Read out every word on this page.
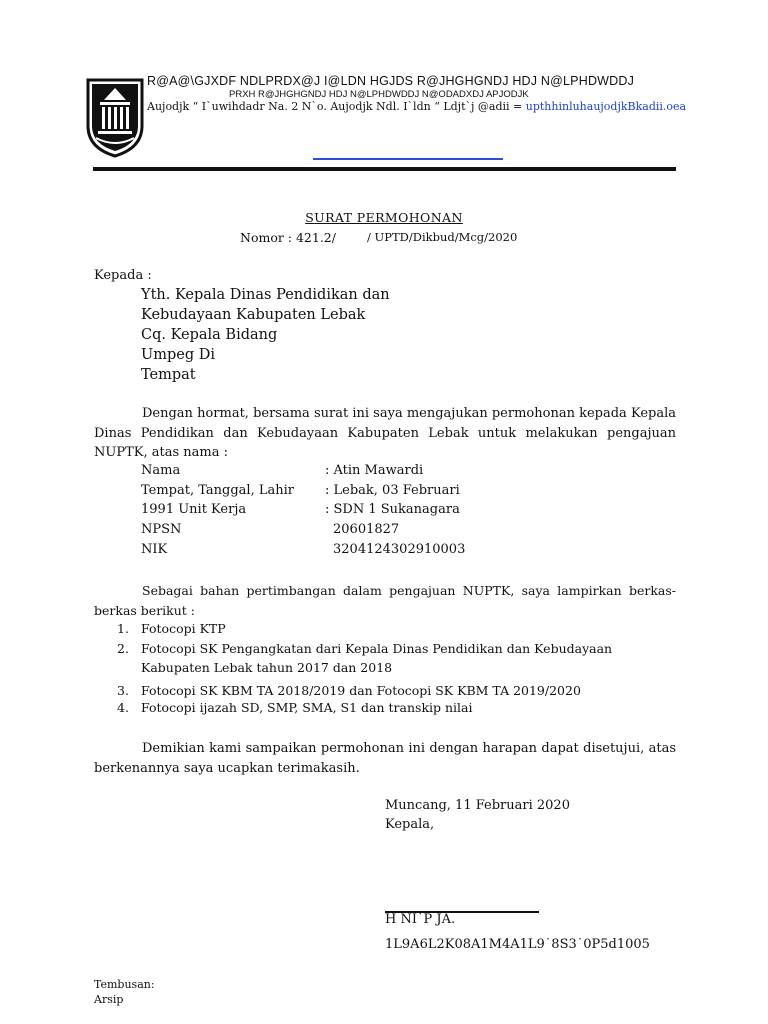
R@A@\GJXDF NDLPRDX@J I@LDN HGJDS R@JHGHGNDJ HDJ N@LPHDWDDJ
PRXH R@JHGHGNDJ HDJ N@LPHDWDDJ N@ODADXDJ APJODJK
Aujodjk “ I`uwihdadr Na. 2 N`o. Aujodjk Ndl. I`ldn “ Ldjt`j @adii = upthhinluhaujodjkBkadii.oea
SURAT PERMOHONAN
Nomor : 421.2/	/ UPTD/Dikbud/Mcg/2020
Kepada :
Yth. Kepala Dinas Pendidikan dan
Kebudayaan Kabupaten Lebak
Cq. Kepala Bidang
Umpeg Di
Tempat
Dengan hormat, bersama surat ini saya mengajukan permohonan kepada Kepala Dinas Pendidikan dan Kebudayaan Kabupaten Lebak untuk melakukan pengajuan NUPTK, atas nama :
Nama	: Atin Mawardi
Tempat, Tanggal, Lahir : Lebak, 03 Februari
1991 Unit Kerja	: SDN 1 Sukanagara
NPSN	20601827
NIK	3204124302910003
Sebagai bahan pertimbangan dalam pengajuan NUPTK, saya lampirkan berkas-berkas berikut :
1. Fotocopi KTP
2. Fotocopi SK Pengangkatan dari Kepala Dinas Pendidikan dan Kebudayaan
Kabupaten Lebak tahun 2017 dan 2018
3. Fotocopi SK KBM TA 2018/2019 dan Fotocopi SK KBM TA 2019/2020
4. Fotocopi ijazah SD, SMP, SMA, S1 dan transkip nilai
Demikian kami sampaikan permohonan ini dengan harapan dapat disetujui, atas berkenannya saya ucapkan terimakasih.
Muncang, 11 Februari 2020
Kepala,
H NI˙P JA.
1L9A6L2K08A1M4A1L9˙8S3˙0P5d1005
Tembusan:
Arsip
